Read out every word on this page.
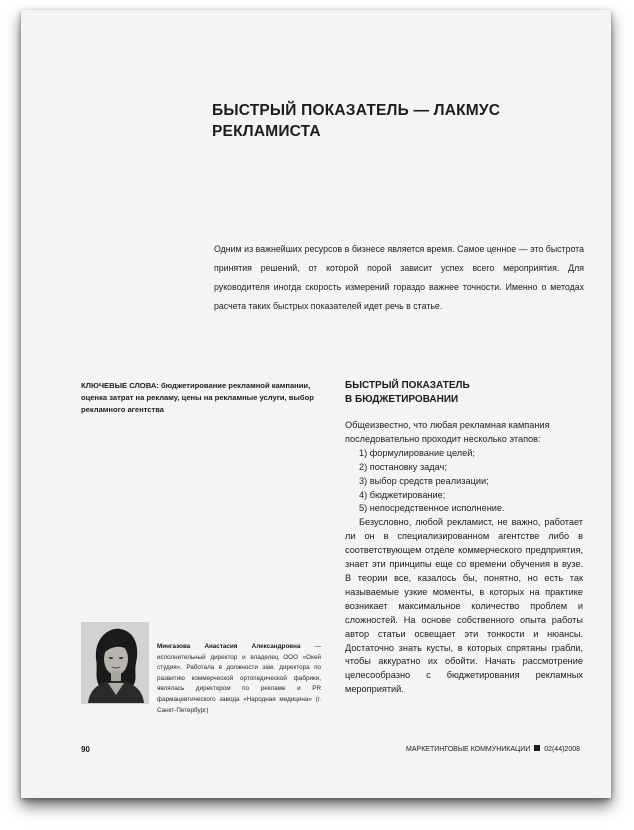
БЫСТРЫЙ ПОКАЗАТЕЛЬ — ЛАКМУС
РЕКЛАМИСТА
Одним из важнейших ресурсов в бизнесе является время. Самое ценное — это быстрота принятия решений, от которой порой зависит успех всего мероприятия. Для руководителя иногда скорость измерений гораздо важнее точности. Именно о методах расчета таких быстрых показателей идет речь в статье.
КЛЮЧЕВЫЕ СЛОВА: бюджетирование рекламной кампании, оценка затрат на рекламу, цены на рекламные услуги, выбор рекламного агентства
БЫСТРЫЙ ПОКАЗАТЕЛЬ
В БЮДЖЕТИРОВАНИИ

Общеизвестно, что любая рекламная кампания последовательно проходит несколько этапов:

1) формулирование целей;

2) постановку задач;

3) выбор средств реализации;

4) бюджетирование;

5) непосредственное исполнение.

Безусловно, любой рекламист, не важно, работает ли он в специализированном агентстве либо в соответствующем отделе коммерческого предприятия, знает эти принципы еще со времени обучения в вузе. В теории все, казалось бы, понятно, но есть так называемые узкие моменты, в которых на практике возникает максимальное количество проблем и сложностей. На основе собственного опыта работы автор статьи освещает эти тонкости и нюансы. Достаточно знать кусты, в которых спрятаны грабли, чтобы аккуратно их обойти. Начать рассмотрение целесообразно с бюджетирования рекламных мероприятий.

Мингазова Анастасия Александровна — исполнительный директор и владелец ООО «Окей студия». Работала в должности зам. директора по развитию коммерческой ортопедической фабрики, являлась директором по рекламе и PR фармацевтического завода «Народная медицина» (г. Санкт-Петербург)
90	МАРКЕТИНГОВЫЕ КОММУНИКАЦИИ 02(44)2008
